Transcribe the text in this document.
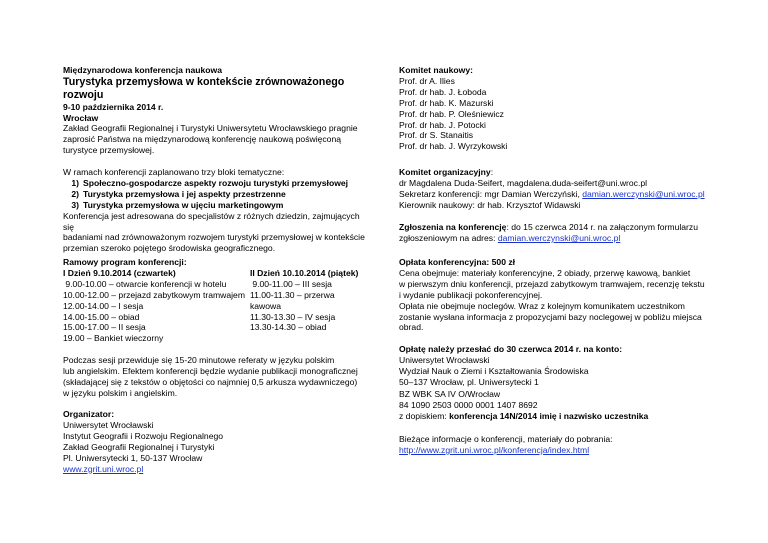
Międzynarodowa konferencja naukowa

Turystyka przemysłowa w kontekście zrównoważonego rozwoju

9-10 października 2014 r.

Wrocław

Zakład Geografii Regionalnej i Turystyki Uniwersytetu Wrocławskiego pragnie

zaprosić Państwa na międzynarodową konferencję naukową poświęconą

turystyce przemysłowej.

W ramach konferencji zaplanowano trzy bloki tematyczne:

1) Społeczno-gospodarcze aspekty rozwoju turystyki przemysłowej
2) Turystyka przemysłowa i jej aspekty przestrzenne
3) Turystyka przemysłowa w ujęciu marketingowym

Konferencja jest adresowana do specjalistów z różnych dziedzin, zajmujących się

badaniami nad zrównoważonym rozwojem turystyki przemysłowej w kontekście

przemian szeroko pojętego środowiska geograficznego.

Ramowy program konferencji:

I Dzień 9.10.2014 (czwartek)

9.00-10.00 – otwarcie konferencji w hotelu

10.00-12.00 – przejazd zabytkowym tramwajem

12.00-14.00 – I sesja

14.00-15.00 – obiad

15.00-17.00 – II sesja

19.00 – Bankiet wieczorny

II Dzień 10.10.2014 (piątek)

9.00-11.00 – III sesja

11.00-11.30 – przerwa kawowa

11.30-13.30 – IV sesja

13.30-14.30 – obiad

Podczas sesji przewiduje się 15-20 minutowe referaty w języku polskim

lub angielskim. Efektem konferencji będzie wydanie publikacji monograficznej

(składającej się z tekstów o objętości co najmniej 0,5 arkusza wydawniczego)

w języku polskim i angielskim.

Organizator:

Uniwersytet Wrocławski

Instytut Geografii i Rozwoju Regionalnego

Zakład Geografii Regionalnej i Turystyki

Pl. Uniwersytecki 1, 50-137 Wrocław

www.zgrit.uni.wroc.pl

Komitet naukowy:

Prof. dr A. Ilies

Prof. dr hab. J. Łoboda

Prof. dr hab. K. Mazurski

Prof. dr hab. P. Oleśniewicz

Prof. dr hab. J. Potocki

Prof. dr S. Stanaitis

Prof. dr hab. J. Wyrzykowski

Komitet organizacyjny:

dr Magdalena Duda-Seifert, magdalena.duda-seifert@uni.wroc.pl

Sekretarz konferencji: mgr Damian Werczyński, damian.werczynski@uni.wroc.pl

Kierownik naukowy: dr hab. Krzysztof Widawski

Zgłoszenia na konferencję: do 15 czerwca 2014 r. na załączonym formularzu

zgłoszeniowym na adres: damian.werczynski@uni.wroc.pl

Opłata konferencyjna: 500 zł

Cena obejmuje: materiały konferencyjne, 2 obiady, przerwę kawową, bankiet

w pierwszym dniu konferencji, przejazd zabytkowym tramwajem, recenzję tekstu

i wydanie publikacji pokonferencyjnej.

Opłata nie obejmuje noclegów. Wraz z kolejnym komunikatem uczestnikom

zostanie wysłana informacja z propozycjami bazy noclegowej w pobliżu miejsca

obrad.

Opłatę należy przesłać do 30 czerwca 2014 r. na konto:

Uniwersytet Wrocławski

Wydział Nauk o Ziemi i Kształtowania Środowiska

50–137 Wrocław, pl. Uniwersytecki 1

BZ WBK SA IV O/Wrocław

84 1090 2503 0000 0001 1407 8692

z dopiskiem: konferencja 14N/2014 imię i nazwisko uczestnika

Bieżące informacje o konferencji, materiały do pobrania:

http://www.zgrit.uni.wroc.pl/konferencja/index.html
